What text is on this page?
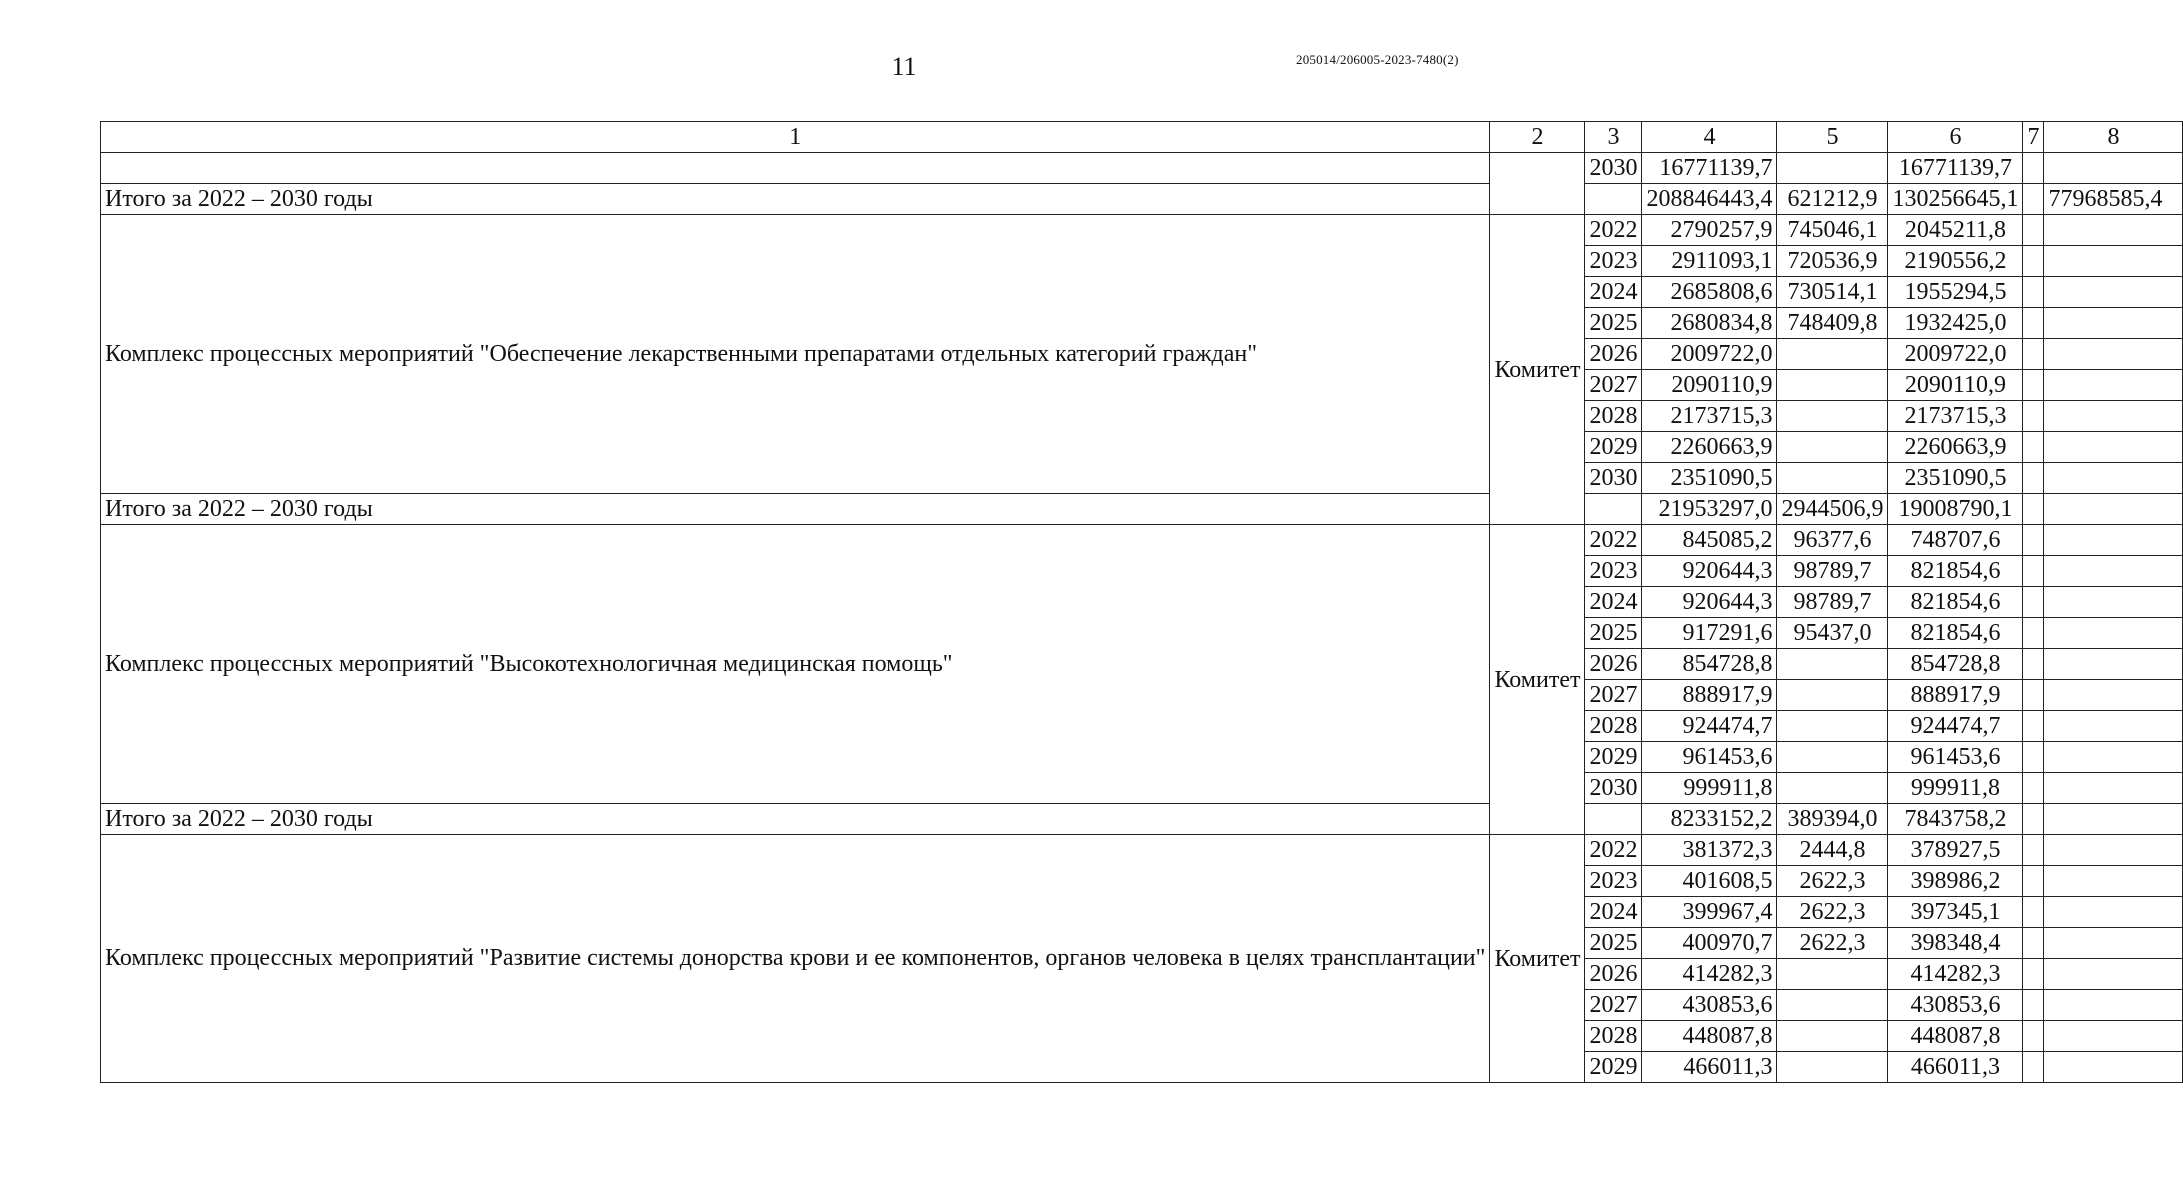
11	205014/206005-2023-7480(2)
1	2	3	4	5	6	7	8
		2030	16771139,7		16771139,7		
Итого за 2022 – 2030 годы			208846443,4	621212,9	130256645,1		77968585,4
Комплекс процессных мероприятий "Обеспечение лекарственными препаратами отдельных категорий граждан"	Комитет	2022	2790257,9	745046,1	2045211,8		
		2023	2911093,1	720536,9	2190556,2		
		2024	2685808,6	730514,1	1955294,5		
		2025	2680834,8	748409,8	1932425,0		
		2026	2009722,0		2009722,0		
		2027	2090110,9		2090110,9		
		2028	2173715,3		2173715,3		
		2029	2260663,9		2260663,9		
		2030	2351090,5		2351090,5		
Итого за 2022 – 2030 годы			21953297,0	2944506,9	19008790,1		
Комплекс процессных мероприятий "Высокотехнологичная медицинская помощь"	Комитет	2022	845085,2	96377,6	748707,6		
		2023	920644,3	98789,7	821854,6		
		2024	920644,3	98789,7	821854,6		
		2025	917291,6	95437,0	821854,6		
		2026	854728,8		854728,8		
		2027	888917,9		888917,9		
		2028	924474,7		924474,7		
		2029	961453,6		961453,6		
		2030	999911,8		999911,8		
Итого за 2022 – 2030 годы			8233152,2	389394,0	7843758,2		
Комплекс процессных мероприятий "Развитие системы донорства крови и ее компонентов, органов человека в целях трансплантации"	Комитет	2022	381372,3	2444,8	378927,5		
		2023	401608,5	2622,3	398986,2		
		2024	399967,4	2622,3	397345,1		
		2025	400970,7	2622,3	398348,4		
		2026	414282,3		414282,3		
		2027	430853,6		430853,6		
		2028	448087,8		448087,8		
		2029	466011,3		466011,3		
